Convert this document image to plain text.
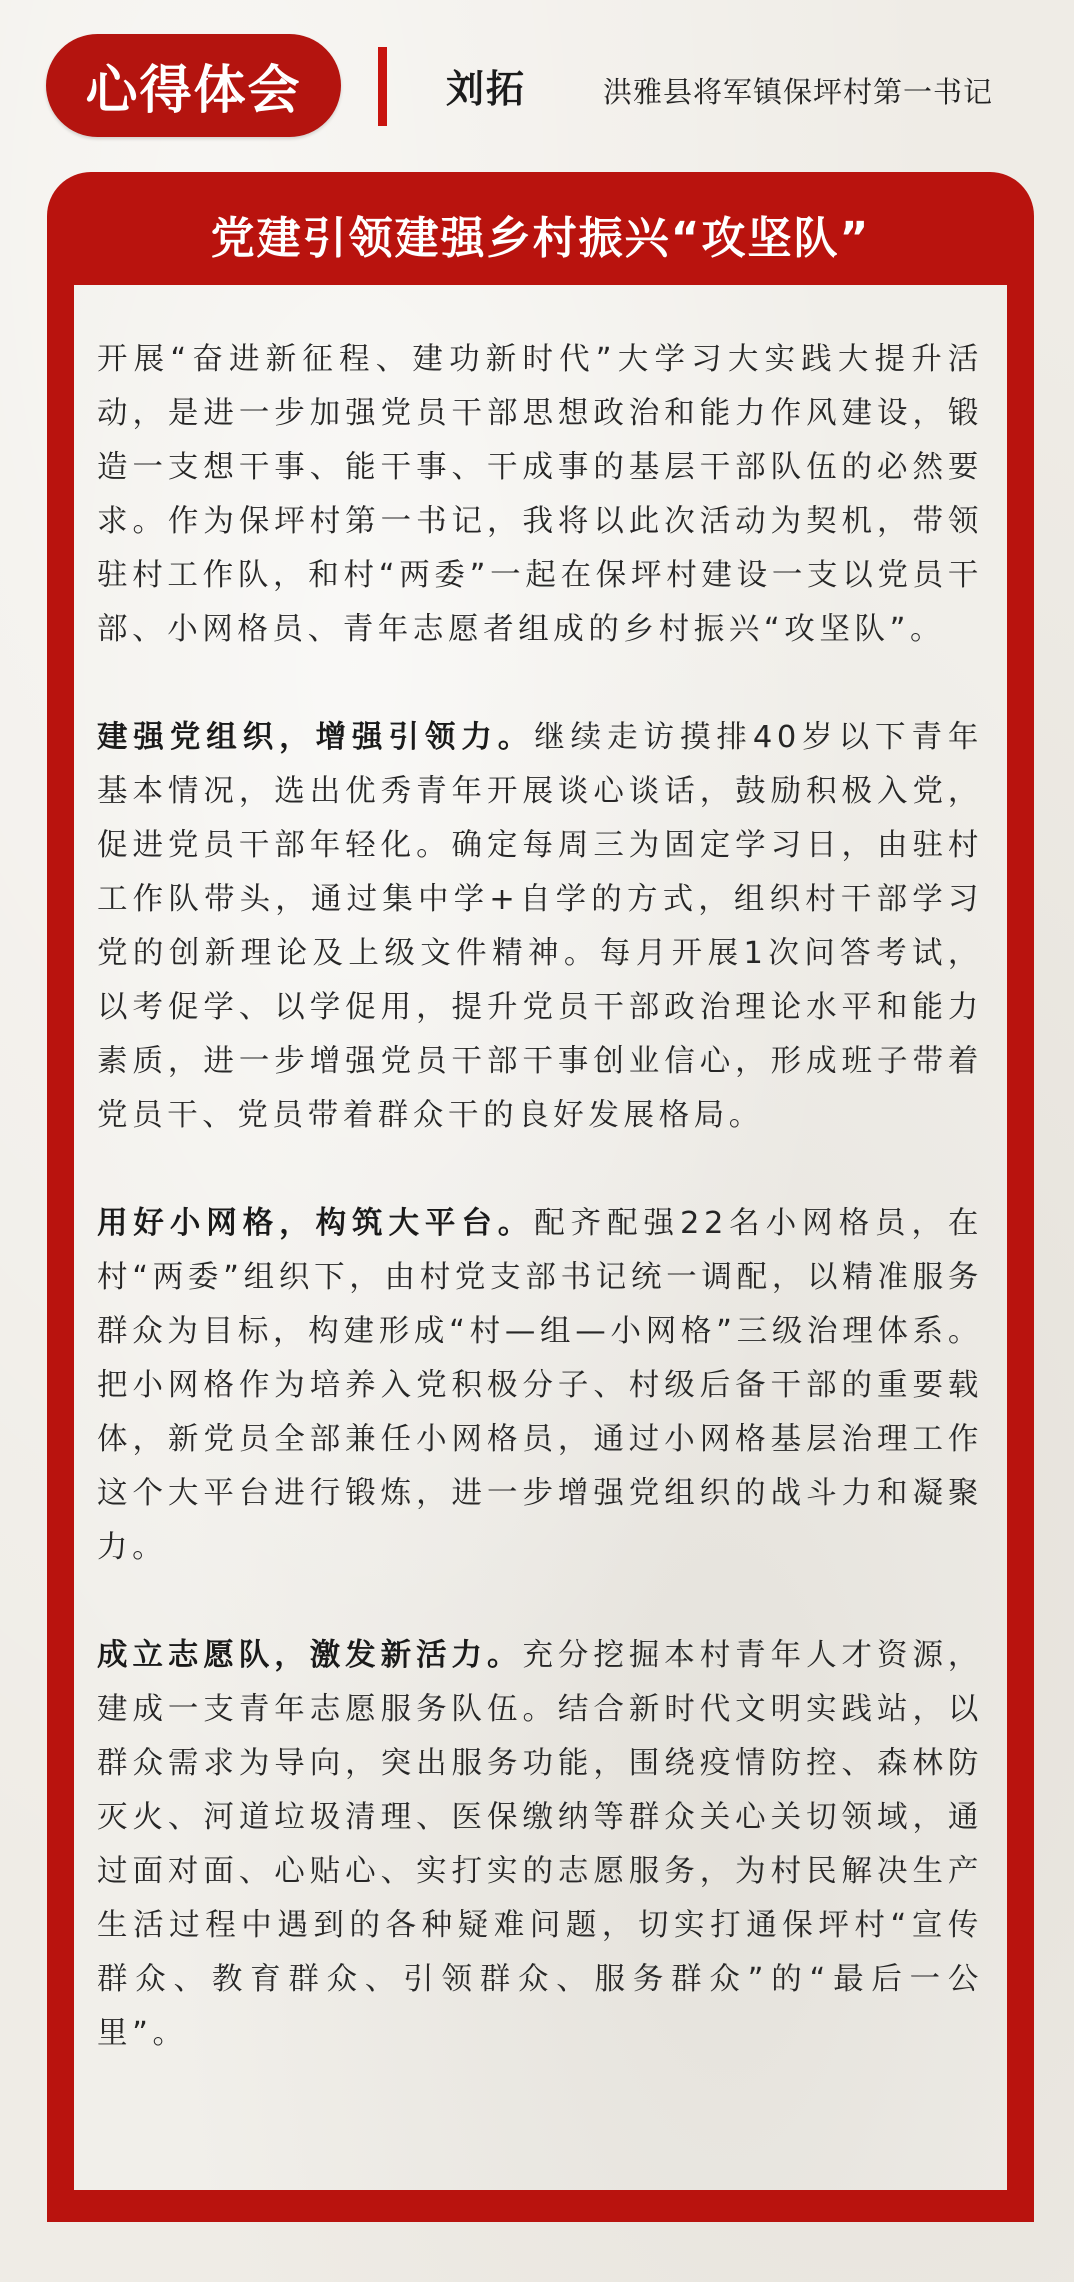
心得体会	刘拓	洪雅县将军镇保坪村第一书记
党建引领建强乡村振兴“攻坚队”

开展“奋进新征程、建功新时代”大学习大实践大提升活动，是进一步加强党员干部思想政治和能力作风建设，锻造一支想干事、能干事、干成事的基层干部队伍的必然要求。作为保坪村第一书记，我将以此次活动为契机，带领驻村工作队，和村“两委”一起在保坪村建设一支以党员干部、小网格员、青年志愿者组成的乡村振兴“攻坚队”。

建强党组织，增强引领力。继续走访摸排40岁以下青年基本情况，选出优秀青年开展谈心谈话，鼓励积极入党，促进党员干部年轻化。确定每周三为固定学习日，由驻村工作队带头，通过集中学+自学的方式，组织村干部学习党的创新理论及上级文件精神。每月开展1次问答考试，以考促学、以学促用，提升党员干部政治理论水平和能力素质，进一步增强党员干部干事创业信心，形成班子带着党员干、党员带着群众干的良好发展格局。

用好小网格，构筑大平台。配齐配强22名小网格员，在村“两委”组织下，由村党支部书记统一调配，以精准服务群众为目标，构建形成“村—组—小网格”三级治理体系。把小网格作为培养入党积极分子、村级后备干部的重要载体，新党员全部兼任小网格员，通过小网格基层治理工作这个大平台进行锻炼，进一步增强党组织的战斗力和凝聚力。

成立志愿队，激发新活力。充分挖掘本村青年人才资源，建成一支青年志愿服务队伍。结合新时代文明实践站，以群众需求为导向，突出服务功能，围绕疫情防控、森林防灭火、河道垃圾清理、医保缴纳等群众关心关切领域，通过面对面、心贴心、实打实的志愿服务，为村民解决生产生活过程中遇到的各种疑难问题，切实打通保坪村“宣传群众、教育群众、引领群众、服务群众”的“最后一公里”。
